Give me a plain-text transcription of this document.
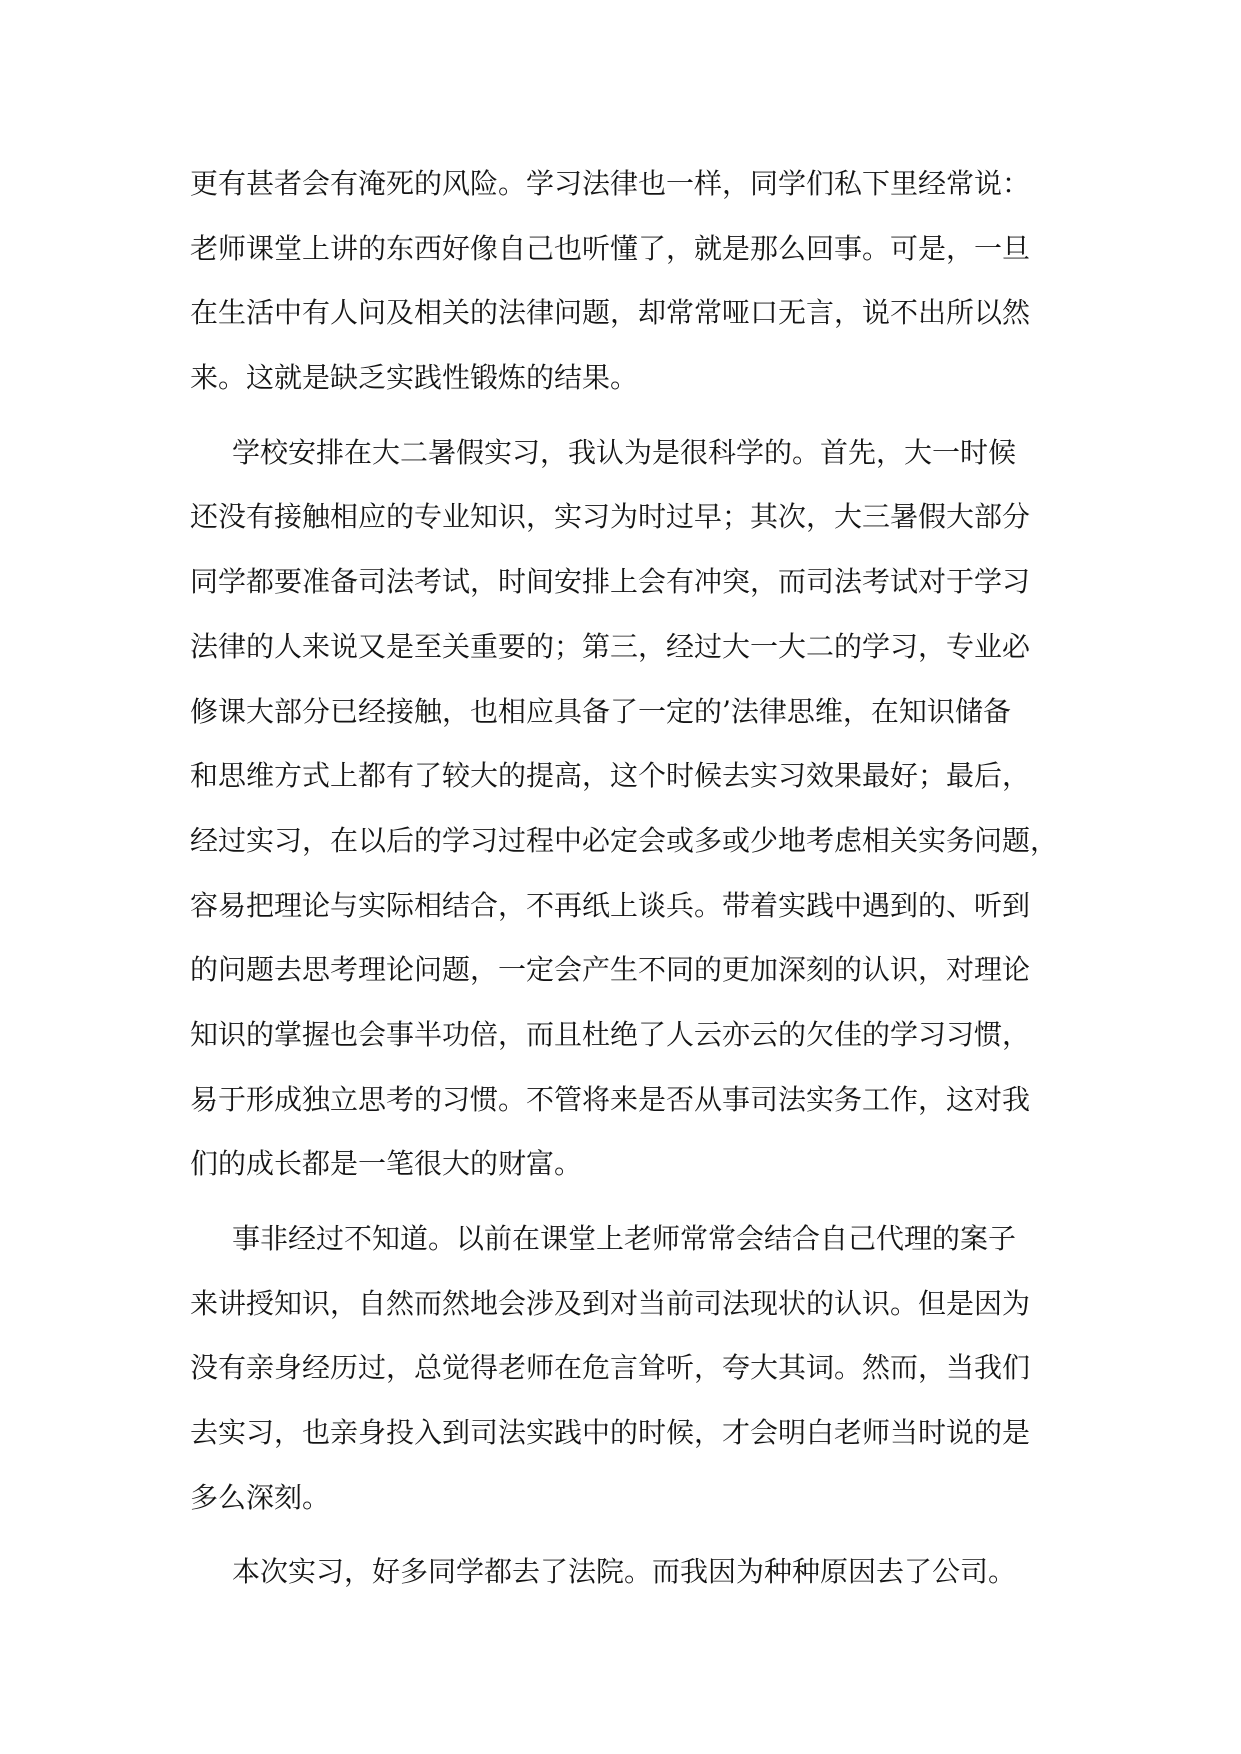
更有甚者会有淹死的风险。学习法律也一样，同学们私下里经常说：
老师课堂上讲的东西好像自己也听懂了，就是那么回事。可是，一旦
在生活中有人问及相关的法律问题，却常常哑口无言，说不出所以然
来。这就是缺乏实践性锻炼的结果。
学校安排在大二暑假实习，我认为是很科学的。首先，大一时候
还没有接触相应的专业知识，实习为时过早；其次，大三暑假大部分
同学都要准备司法考试，时间安排上会有冲突，而司法考试对于学习
法律的人来说又是至关重要的；第三，经过大一大二的学习，专业必
修课大部分已经接触，也相应具备了一定的’法律思维，在知识储备
和思维方式上都有了较大的提高，这个时候去实习效果最好；最后，
经过实习，在以后的学习过程中必定会或多或少地考虑相关实务问题，
容易把理论与实际相结合，不再纸上谈兵。带着实践中遇到的、听到
的问题去思考理论问题，一定会产生不同的更加深刻的认识，对理论
知识的掌握也会事半功倍，而且杜绝了人云亦云的欠佳的学习习惯，
易于形成独立思考的习惯。不管将来是否从事司法实务工作，这对我
们的成长都是一笔很大的财富。
事非经过不知道。以前在课堂上老师常常会结合自己代理的案子
来讲授知识，自然而然地会涉及到对当前司法现状的认识。但是因为
没有亲身经历过，总觉得老师在危言耸听，夸大其词。然而，当我们
去实习，也亲身投入到司法实践中的时候，才会明白老师当时说的是
多么深刻。
本次实习，好多同学都去了法院。而我因为种种原因去了公司。
